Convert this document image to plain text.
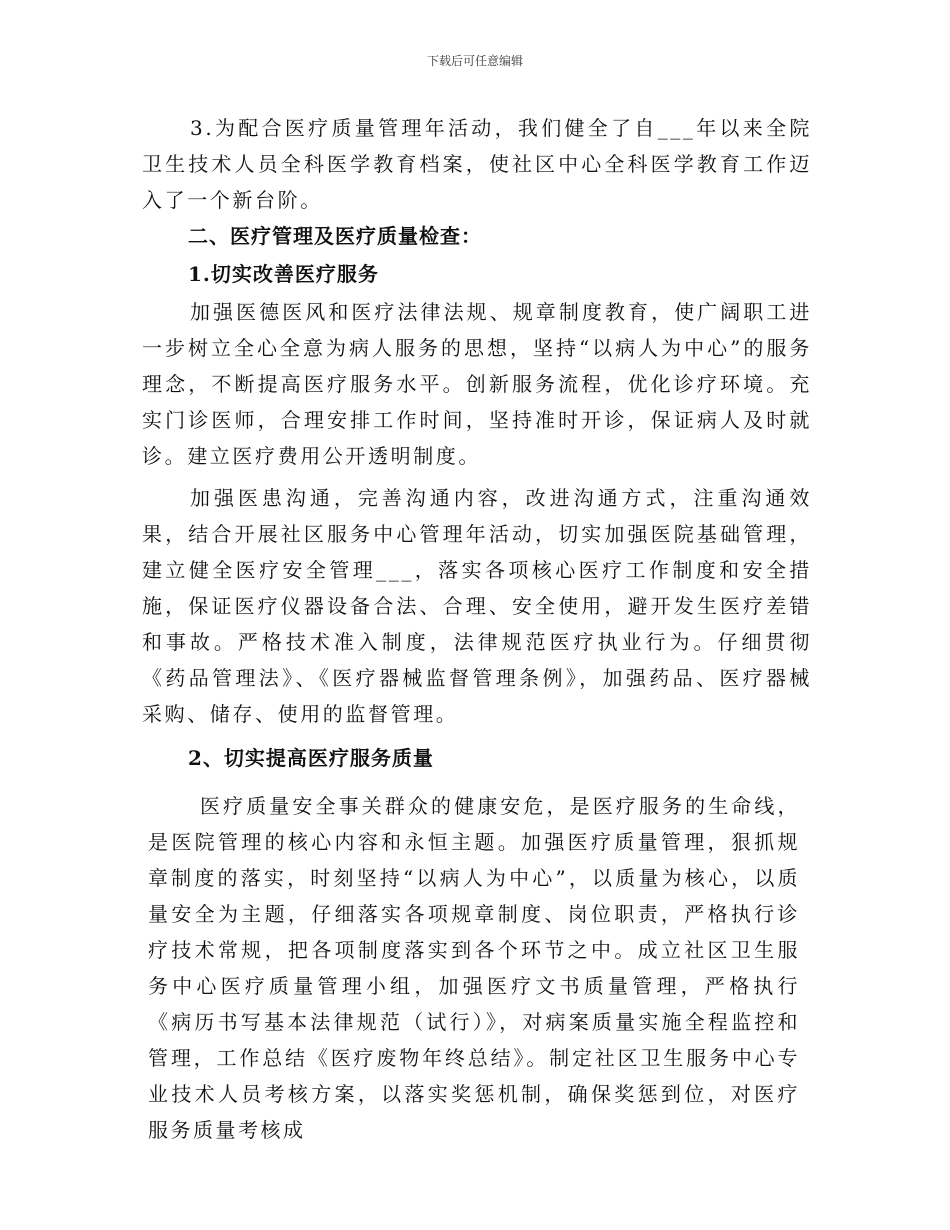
下载后可任意编辑

3.为配合医疗质量管理年活动，我们健全了自___年以来全院卫生技术人员全科医学教育档案，使社区中心全科医学教育工作迈入了一个新台阶。

二、医疗管理及医疗质量检查：
1.切实改善医疗服务

加强医德医风和医疗法律法规、规章制度教育，使广阔职工进一步树立全心全意为病人服务的思想，坚持“以病人为中心”的服务理念，不断提高医疗服务水平。创新服务流程，优化诊疗环境。充实门诊医师，合理安排工作时间，坚持准时开诊，保证病人及时就诊。建立医疗费用公开透明制度。

加强医患沟通，完善沟通内容，改进沟通方式，注重沟通效果，结合开展社区服务中心管理年活动，切实加强医院基础管理，建立健全医疗安全管理___，落实各项核心医疗工作制度和安全措施，保证医疗仪器设备合法、合理、安全使用，避开发生医疗差错和事故。严格技术准入制度，法律规范医疗执业行为。仔细贯彻《药品管理法》、《医疗器械监督管理条例》，加强药品、医疗器械采购、储存、使用的监督管理。

2、切实提高医疗服务质量

医疗质量安全事关群众的健康安危，是医疗服务的生命线，是医院管理的核心内容和永恒主题。加强医疗质量管理，狠抓规章制度的落实，时刻坚持“以病人为中心”，以质量为核心，以质量安全为主题，仔细落实各项规章制度、岗位职责，严格执行诊疗技术常规，把各项制度落实到各个环节之中。成立社区卫生服务中心医疗质量管理小组，加强医疗文书质量管理，严格执行《病历书写基本法律规范（试行）》，对病案质量实施全程监控和管理，工作总结《医疗废物年终总结》。制定社区卫生服务中心专业技术人员考核方案，以落实奖惩机制，确保奖惩到位，对医疗服务质量考核成
